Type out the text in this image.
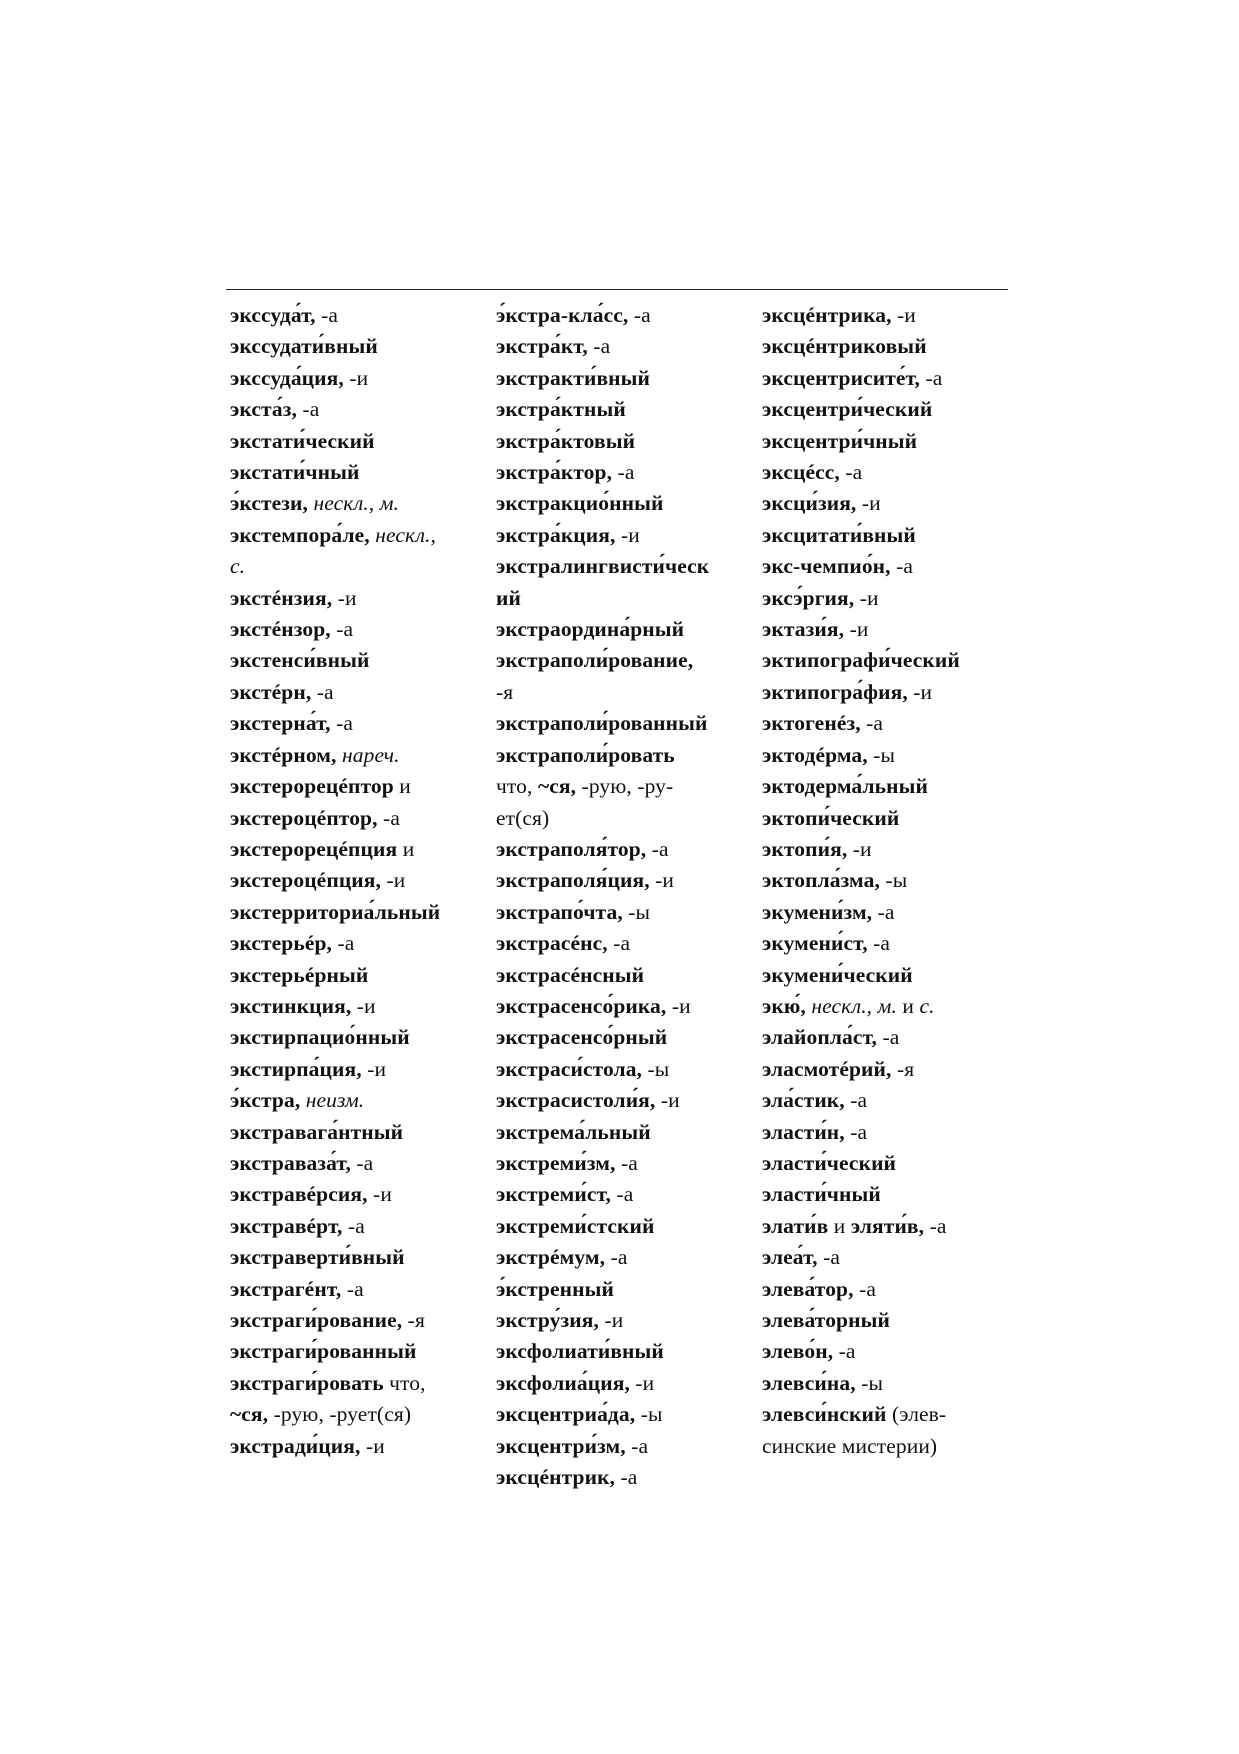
экссуда́т, -а
экссудати́вный
экссуда́ция, -и
экста́з, -а
экстати́ческий
экстати́чный
э́кстези, нескл., м.
экстемпора́ле, нескл.,
с.
экстéнзия, -и
экстéнзор, -а
экстенси́вный
экстéрн, -а
экстерна́т, -а
экстéрном, нареч.
экстерорецéптор и
экстероцéптор, -а
экстерорецéпция и
экстероцéпция, -и
экстерриториа́льный
экстерьéр, -а
экстерьéрный
экстинкция, -и
экстирпацио́нный
экстирпа́ция, -и
э́кстра, неизм.
экстравага́нтный
экстравaза́т, -а
экстравéрсия, -и
экстравéрт, -а
экстраверти́вный
экстрагéнт, -а
экстраги́рование, -я
экстраги́рованный
экстраги́ровать что,
~ся, -рую, -рует(ся)
экстради́ция, -и
э́кстра-кла́сс, -а
экстра́кт, -а
экстракти́вный
экстра́ктный
экстра́ктовый
экстра́ктор, -а
экстракцио́нный
экстра́кция, -и
экстралингвисти́ческ
ий
экстраордина́рный
экстраполи́рование,
-я
экстраполи́рованный
экстраполи́ровать
что, ~ся, -рую, -ру-
ет(ся)
экстраполя́тор, -а
экстраполя́ция, -и
экстрапо́чта, -ы
экстрасéнс, -а
экстрасéнсный
экстрасенсо́рика, -и
экстрасенсо́рный
экстраси́стола, -ы
экстрасистоли́я, -и
экстрема́льный
экстреми́зм, -а
экстреми́ст, -а
экстреми́стский
экстрéмум, -а
э́кстренный
экстру́зия, -и
эксфолиати́вный
эксфолиа́ция, -и
эксцентриа́да, -ы
эксцентри́зм, -а
эксцéнтрик, -а
эксцéнтрика, -и
эксцéнтриковый
эксцентрисите́т, -а
эксцентри́ческий
эксцентри́чный
эксцéсс, -а
эксци́зия, -и
эксцитати́вный
экс-чемпио́н, -а
эксэ́ргия, -и
эктази́я, -и
эктипографи́ческий
эктипогра́фия, -и
эктогенéз, -а
эктодéрма, -ы
эктодерма́льный
эктопи́ческий
эктопи́я, -и
эктопла́зма, -ы
экумени́зм, -а
экумени́ст, -а
экумени́ческий
экю́, нескл., м. и с.
элайопла́ст, -а
эласмотéрий, -я
эла́стик, -а
эласти́н, -а
эласти́ческий
эласти́чный
элати́в и эляти́в, -а
элеа́т, -а
элева́тор, -а
элева́торный
элево́н, -а
элевси́на, -ы
элевси́нский (элев-
синские мистерии)
